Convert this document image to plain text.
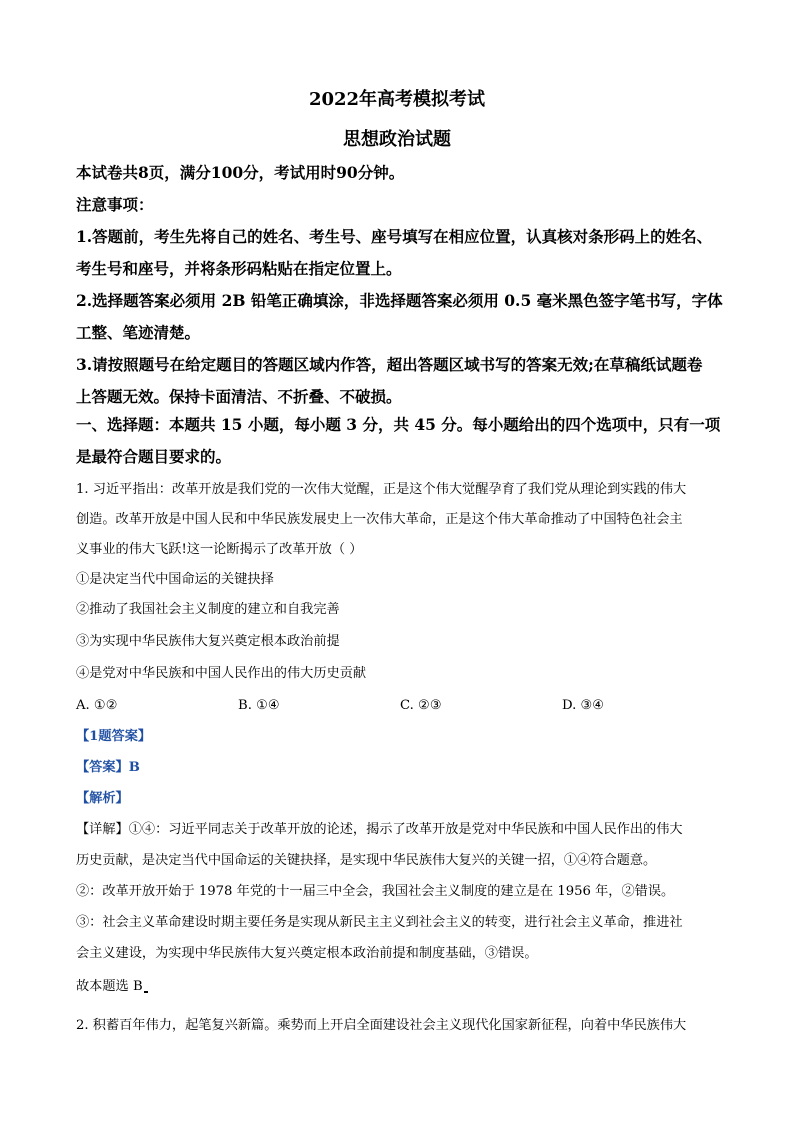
2022年高考模拟考试
思想政治试题
本试卷共8页，满分100分，考试用时90分钟。
注意事项：
1.答题前，考生先将自己的姓名、考生号、座号填写在相应位置，认真核对条形码上的姓名、
考生号和座号，并将条形码粘贴在指定位置上。
2.选择题答案必须用 2B 铅笔正确填涂，非选择题答案必须用 0.5 毫米黑色签字笔书写，字体
工整、笔迹清楚。
3.请按照题号在给定题目的答题区域内作答，超出答题区域书写的答案无效;在草稿纸试题卷
上答题无效。保持卡面清洁、不折叠、不破损。
一、选择题：本题共 15 小题，每小题 3 分，共 45 分。每小题给出的四个选项中，只有一项
是最符合题目要求的。
1. 习近平指出：改革开放是我们党的一次伟大觉醒，正是这个伟大觉醒孕育了我们党从理论到实践的伟大
创造。改革开放是中国人民和中华民族发展史上一次伟大革命，正是这个伟大革命推动了中国特色社会主
义事业的伟大飞跃!这一论断揭示了改革开放（ ）
①是决定当代中国命运的关键抉择
②推动了我国社会主义制度的建立和自我完善
③为实现中华民族伟大复兴奠定根本政治前提
④是党对中华民族和中国人民作出的伟大历史贡献
A. ①②	B. ①④	C. ②③	D. ③④
【1题答案】
【答案】B
【解析】
【详解】①④：习近平同志关于改革开放的论述，揭示了改革开放是党对中华民族和中国人民作出的伟大
历史贡献，是决定当代中国命运的关键抉择，是实现中华民族伟大复兴的关键一招，①④符合题意。
②：改革开放开始于 1978 年党的十一届三中全会，我国社会主义制度的建立是在 1956 年，②错误。
③：社会主义革命建设时期主要任务是实现从新民主主义到社会主义的转变，进行社会主义革命，推进社
会主义建设，为实现中华民族伟大复兴奠定根本政治前提和制度基础，③错误。
故本题选 B
2. 积蓄百年伟力，起笔复兴新篇。乘势而上开启全面建设社会主义现代化国家新征程，向着中华民族伟大
